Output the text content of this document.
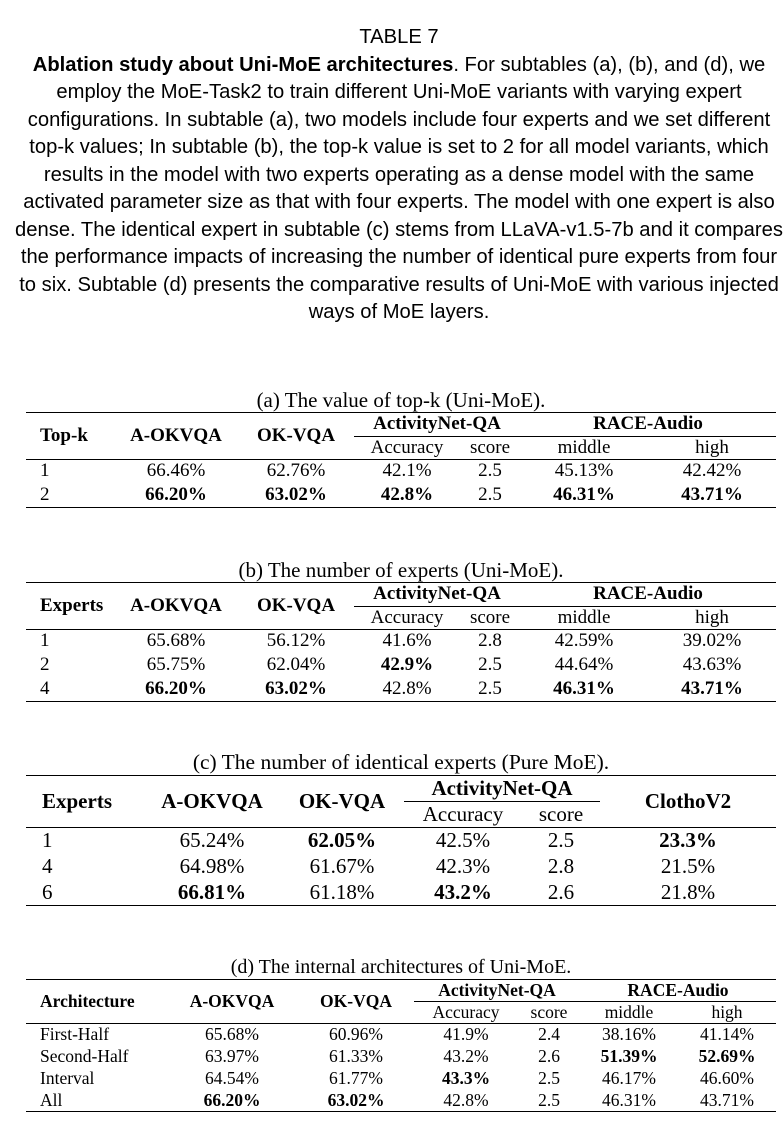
TABLE 7
Ablation study about Uni-MoE architectures. For subtables (a), (b), and (d), we employ the MoE-Task2 to train different Uni-MoE variants with varying expert configurations. In subtable (a), two models include four experts and we set different top-k values; In subtable (b), the top-k value is set to 2 for all model variants, which results in the model with two experts operating as a dense model with the same activated parameter size as that with four experts. The model with one expert is also dense. The identical expert in subtable (c) stems from LLaVA-v1.5-7b and it compares the performance impacts of increasing the number of identical pure experts from four to six. Subtable (d) presents the comparative results of Uni-MoE with various injected ways of MoE layers.
(a) The value of top-k (Uni-MoE).
Top-k	A-OKVQA	OK-VQA	ActivityNet-QA		RACE-Audio	
			Accuracy	score	middle	high
1	66.46%	62.76%	42.1%	2.5	45.13%	42.42%
2	66.20%	63.02%	42.8%	2.5	46.31%	43.71%
(b) The number of experts (Uni-MoE).
Experts	A-OKVQA	OK-VQA	ActivityNet-QA		RACE-Audio	
			Accuracy	score	middle	high
1	65.68%	56.12%	41.6%	2.8	42.59%	39.02%
2	65.75%	62.04%	42.9%	2.5	44.64%	43.63%
4	66.20%	63.02%	42.8%	2.5	46.31%	43.71%
(c) The number of identical experts (Pure MoE).
Experts	A-OKVQA	OK-VQA	ActivityNet-QA		ClothoV2
			Accuracy	score	
1	65.24%	62.05%	42.5%	2.5	23.3%
4	64.98%	61.67%	42.3%	2.8	21.5%
6	66.81%	61.18%	43.2%	2.6	21.8%
(d) The internal architectures of Uni-MoE.
Architecture	A-OKVQA	OK-VQA	ActivityNet-QA		RACE-Audio	
			Accuracy	score	middle	high
First-Half	65.68%	60.96%	41.9%	2.4	38.16%	41.14%
Second-Half	63.97%	61.33%	43.2%	2.6	51.39%	52.69%
Interval	64.54%	61.77%	43.3%	2.5	46.17%	46.60%
All	66.20%	63.02%	42.8%	2.5	46.31%	43.71%
